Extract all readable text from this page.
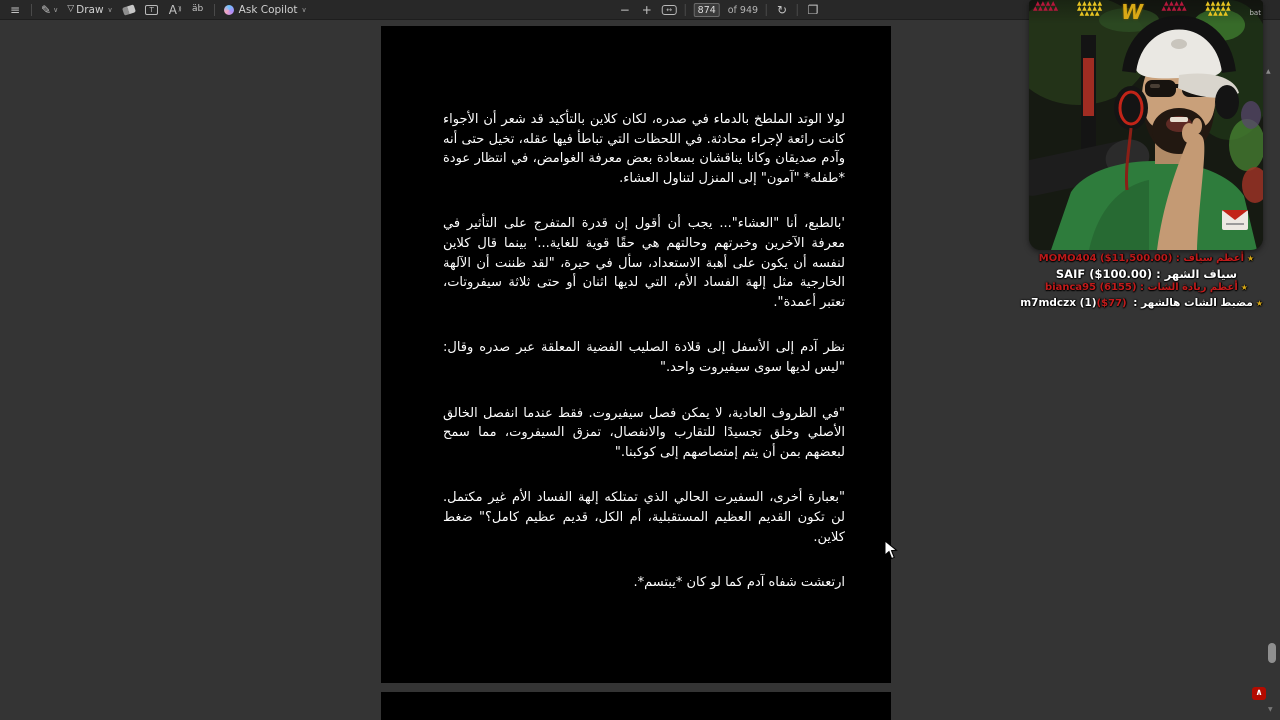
≡ ✎ ∨ ▽ Draw ∨	T	A )) äb	Ask Copilot ∨	− +	↔
874	of 949 ↻ ❐

لولا الوتد الملطخ بالدماء في صدره، لكان كلاين بالتأكيد قد شعر أن الأجواء كانت رائعة لإجراء محادثة. في اللحظات التي تباطأ فيها عقله، تخيل حتى أنه وآدم صديقان وكانا يناقشان بسعادة بعض معرفة الغوامض، في انتظار عودة *طفله* "آمون" إلى المنزل لتناول العشاء.

'بالطبع، أنا "العشاء"... يجب أن أقول إن قدرة المتفرج على التأثير في معرفة الآخرين وخبرتهم وحالتهم هي حقًا قوية للغاية...' بينما قال كلاين لنفسه أن يكون على أهبة الاستعداد، سأل في حيرة، "لقد ظننت أن الآلهة الخارجية مثل إلهة الفساد الأم، التي لديها اثنان أو حتى ثلاثة سيفروتات، تعتبر أعمدة".

نظر آدم إلى الأسفل إلى قلادة الصليب الفضية المعلقة عبر صدره وقال: "ليس لديها سوى سيفيروت واحد."

"في الظروف العادية، لا يمكن فصل سيفيروت. فقط عندما انفصل الخالق الأصلي وخلق تجسيدًا للتقارب والانفصال، تمزق السيفروت، مما سمح لبعضهم بمن أن يتم إمتصاصهم إلى كوكبنا."

"بعبارة أخرى، السفيرت الحالي الذي تمتلكه إلهة الفساد الأم غير مكتمل. لن تكون القديم العظيم المستقبلية، أم الكل، قديم عظيم كامل؟" ضغط كلاين.

ارتعشت شفاه آدم كما لو كان *يبتسم*.

▲▲▲▲
▲▲▲▲▲
▲▲▲▲▲
▲▲▲▲▲
▲▲▲▲ W	▲▲▲▲
▲▲▲▲▲
▲▲▲▲▲
▲▲▲▲▲
▲▲▲▲	bat
★أعظم سياف : MOMO404 ($11,500.00)
سياف الشهر : SAIF ($100.00)
★أعظم ريادة الشات : bianca95 (6155)
★مضبط الشات هالشهر : m7mdczx (1)($77)
▲
▼
∧
